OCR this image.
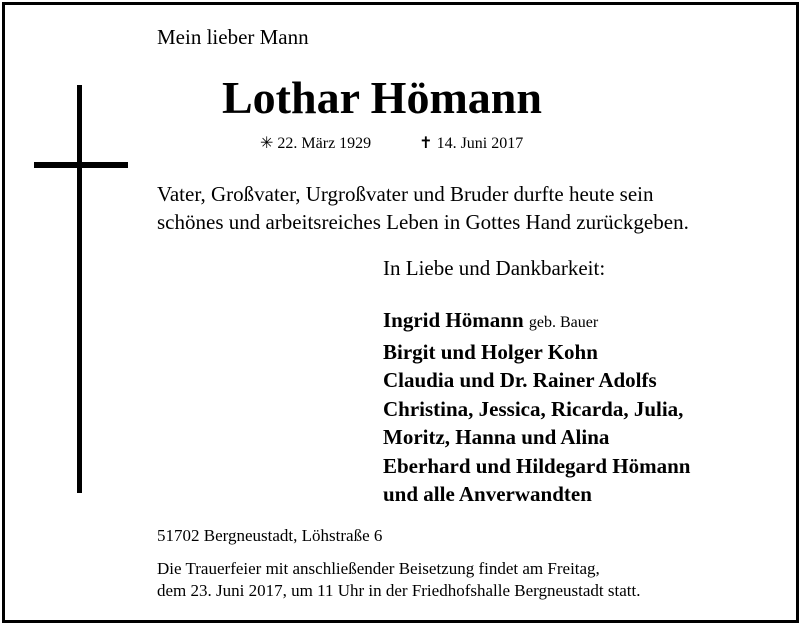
Mein lieber Mann
Lothar Hömann
✳ 22. März 1929	✝ 14. Juni 2017
Vater, Großvater, Urgroßvater und Bruder durfte heute sein
schönes und arbeitsreiches Leben in Gottes Hand zurückgeben.
In Liebe und Dankbarkeit:
Ingrid Hömann geb. Bauer
Birgit und Holger Kohn
Claudia und Dr. Rainer Adolfs
Christina, Jessica, Ricarda, Julia,
Moritz, Hanna und Alina
Eberhard und Hildegard Hömann
und alle Anverwandten
51702 Bergneustadt, Löhstraße 6
Die Trauerfeier mit anschließender Beisetzung findet am Freitag,
dem 23. Juni 2017, um 11 Uhr in der Friedhofshalle Bergneustadt statt.
